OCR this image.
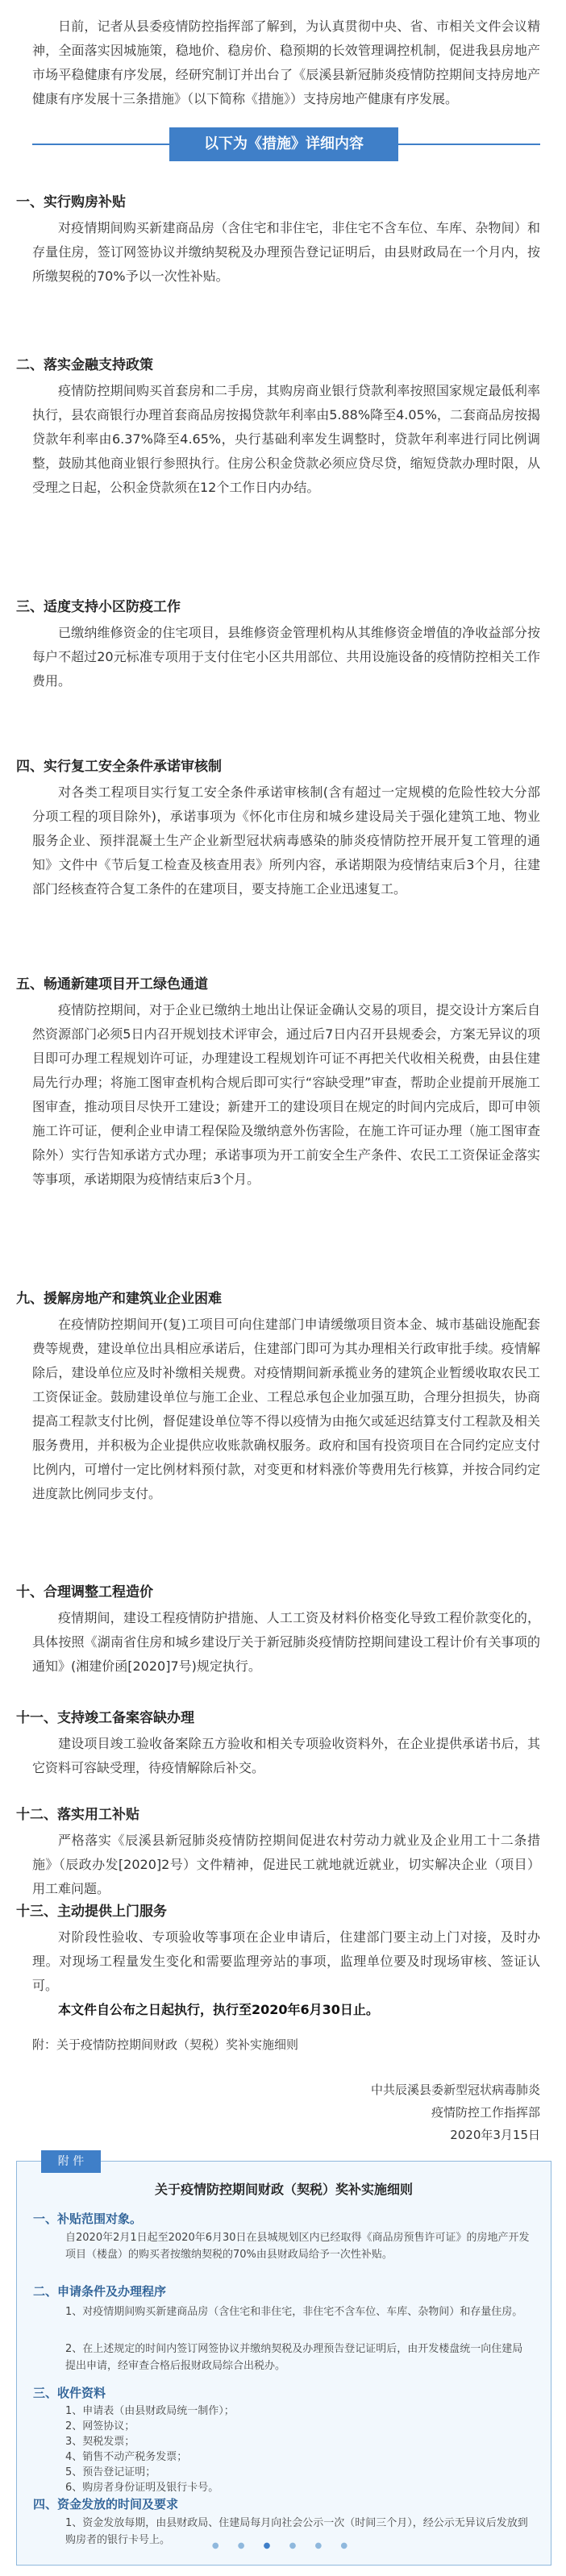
日前，记者从县委疫情防控指挥部了解到，为认真贯彻中央、省、市相关文件会议精神，全面落实因城施策，稳地价、稳房价、稳预期的长效管理调控机制，促进我县房地产市场平稳健康有序发展，经研究制订并出台了《辰溪县新冠肺炎疫情防控期间支持房地产健康有序发展十三条措施》（以下简称《措施》）支持房地产健康有序发展。

以下为《措施》详细内容
一、实行购房补贴

对疫情期间购买新建商品房（含住宅和非住宅，非住宅不含车位、车库、杂物间）和存量住房，签订网签协议并缴纳契税及办理预告登记证明后，由县财政局在一个月内，按所缴契税的70%予以一次性补贴。

二、落实金融支持政策

疫情防控期间购买首套房和二手房，其购房商业银行贷款利率按照国家规定最低利率执行，县农商银行办理首套商品房按揭贷款年利率由5.88%降至4.05%，二套商品房按揭贷款年利率由6.37%降至4.65%，央行基础利率发生调整时，贷款年利率进行同比例调整，鼓励其他商业银行参照执行。住房公积金贷款必须应贷尽贷，缩短贷款办理时限，从受理之日起，公积金贷款须在12个工作日内办结。

三、适度支持小区防疫工作

已缴纳维修资金的住宅项目，县维修资金管理机构从其维修资金增值的净收益部分按每户不超过20元标准专项用于支付住宅小区共用部位、共用设施设备的疫情防控相关工作费用。

四、实行复工安全条件承诺审核制

对各类工程项目实行复工安全条件承诺审核制(含有超过一定规模的危险性较大分部分项工程的项目除外)，承诺事项为《怀化市住房和城乡建设局关于强化建筑工地、物业服务企业、预拌混凝土生产企业新型冠状病毒感染的肺炎疫情防控开展开复工管理的通知》文件中《节后复工检查及核查用表》所列内容，承诺期限为疫情结束后3个月，往建部门经核查符合复工条件的在建项目，要支持施工企业迅速复工。

五、畅通新建项目开工绿色通道

疫情防控期间，对于企业已缴纳土地出让保证金确认交易的项目，提交设计方案后自然资源部门必须5日内召开规划技术评审会，通过后7日内召开县规委会，方案无异议的项目即可办理工程规划许可证，办理建设工程规划许可证不再把关代收相关税费，由县住建局先行办理；将施工图审查机构合规后即可实行“容缺受理”审查，帮助企业提前开展施工图审查，推动项目尽快开工建设；新建开工的建设项目在规定的时间内完成后，即可申领施工许可证，便利企业申请工程保险及缴纳意外伤害险，在施工许可证办理（施工图审查除外）实行告知承诺方式办理；承诺事项为开工前安全生产条件、农民工工资保证金落实等事项，承诺期限为疫情结束后3个月。

九、援解房地产和建筑业企业困难

在疫情防控期间开(复)工项目可向住建部门申请缓缴项目资本金、城市基础设施配套费等规费，建设单位出具相应承诺后，住建部门即可为其办理相关行政审批手续。疫情解除后，建设单位应及时补缴相关规费。对疫情期间新承揽业务的建筑企业暂缓收取农民工工资保证金。鼓励建设单位与施工企业、工程总承包企业加强互助，合理分担损失，协商提高工程款支付比例，督促建设单位等不得以疫情为由拖欠或延迟结算支付工程款及相关服务费用，并积极为企业提供应收账款确权服务。政府和国有投资项目在合同约定应支付比例内，可增付一定比例材料预付款，对变更和材料涨价等费用先行核算，并按合同约定进度款比例同步支付。

十、合理调整工程造价

疫情期间，建设工程疫情防护措施、人工工资及材料价格变化导致工程价款变化的，具体按照《湖南省住房和城乡建设厅关于新冠肺炎疫情防控期间建设工程计价有关事项的通知》(湘建价函[2020]7号)规定执行。

十一、支持竣工备案容缺办理

建设项目竣工验收备案除五方验收和相关专项验收资料外，在企业提供承诺书后，其它资料可容缺受理，待疫情解除后补交。

十二、落实用工补贴

严格落实《辰溪县新冠肺炎疫情防控期间促进农村劳动力就业及企业用工十二条措施》（辰政办发[2020]2号）文件精神，促进民工就地就近就业，切实解决企业（项目）用工难问题。

十三、主动提供上门服务

附 件
关于疫情防控期间财政（契税）奖补实施细则
一、补贴范围对象。
自2020年2月1日起至2020年6月30日在县城规划区内已经取得《商品房预售许可证》的房地产开发项目（楼盘）的购买者按缴纳契税的70%由县财政局给予一次性补贴。
二、申请条件及办理程序
1、对疫情期间购买新建商品房（含住宅和非住宅，非住宅不含车位、车库、杂物间）和存量住房。
2、在上述规定的时间内签订网签协议并缴纳契税及办理预告登记证明后，由开发楼盘统一向住建局提出申请，经审查合格后报财政局综合出税办。
三、收件资料
1、申请表（由县财政局统一制作）；
2、网签协议；
3、契税发票；
4、销售不动产税务发票；
5、预告登记证明；
6、购房者身份证明及银行卡号。
四、资金发放的时间及要求
1、资金发放每期，由县财政局、住建局每月向社会公示一次（时间三个月），经公示无异议后发放到购房者的银行卡号上。	● ● ● ● ● ●
对阶段性验收、专项验收等事项在企业申请后，住建部门要主动上门对接，及时办理。对现场工程量发生变化和需要监理旁站的事项，监理单位要及时现场审核、签证认可。
本文件自公布之日起执行，执行至2020年6月30日止。
附：关于疫情防控期间财政（契税）奖补实施细则
中共辰溪县委新型冠状病毒肺炎
疫情防控工作指挥部
2020年3月15日
